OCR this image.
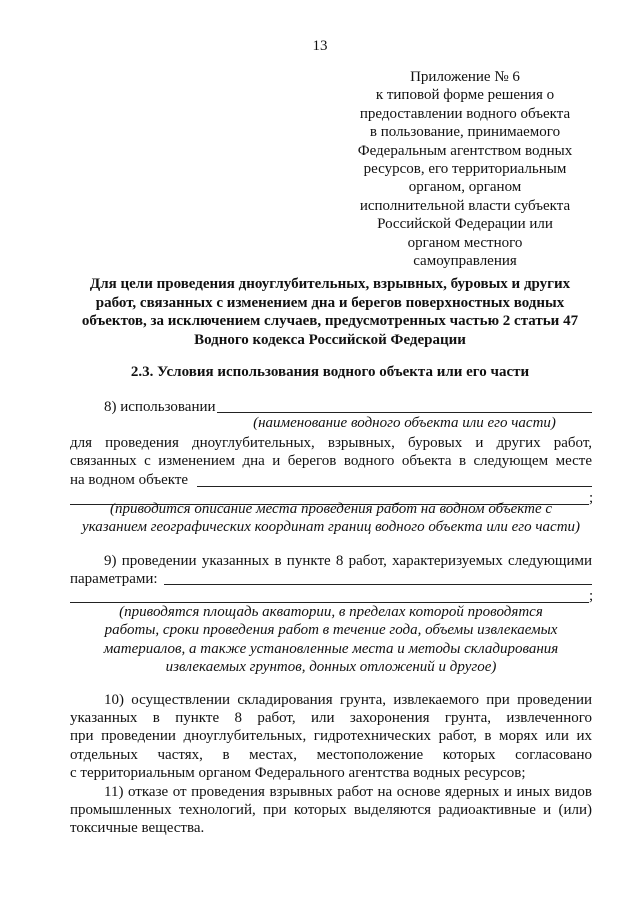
13
Приложение № 6
к типовой форме решения о
предоставлении водного объекта
в пользование, принимаемого
Федеральным агентством водных
ресурсов, его территориальным
органом, органом
исполнительной власти субъекта
Российской Федерации или
органом местного
самоуправления
Для цели проведения дноуглубительных, взрывных, буровых и других
работ, связанных с изменением дна и берегов поверхностных водных
объектов, за исключением случаев, предусмотренных частью 2 статьи 47
Водного кодекса Российской Федерации
2.3. Условия использования водного объекта или его части
8) использовании
(наименование водного объекта или его части)
для проведения дноуглубительных, взрывных, буровых и других работ,
связанных с изменением дна и берегов водного объекта в следующем месте
на водном объекте
;
(приводится описание места проведения работ на водном объекте с
указанием географических координат границ водного объекта или его части)
9) проведении указанных в пункте 8 работ, характеризуемых следующими
параметрами:
;
(приводятся площадь акватории, в пределах которой проводятся
работы, сроки проведения работ в течение года, объемы извлекаемых
материалов, а также установленные места и методы складирования
извлекаемых грунтов, донных отложений и другое)
10) осуществлении складирования грунта, извлекаемого при проведении
указанных в пункте 8 работ, или захоронения грунта, извлеченного
при проведении дноуглубительных, гидротехнических работ, в морях или их
отдельных частях, в местах, местоположение которых согласовано
с территориальным органом Федерального агентства водных ресурсов;
11) отказе от проведения взрывных работ на основе ядерных и иных видов
промышленных технологий, при которых выделяются радиоактивные и (или)
токсичные вещества.
